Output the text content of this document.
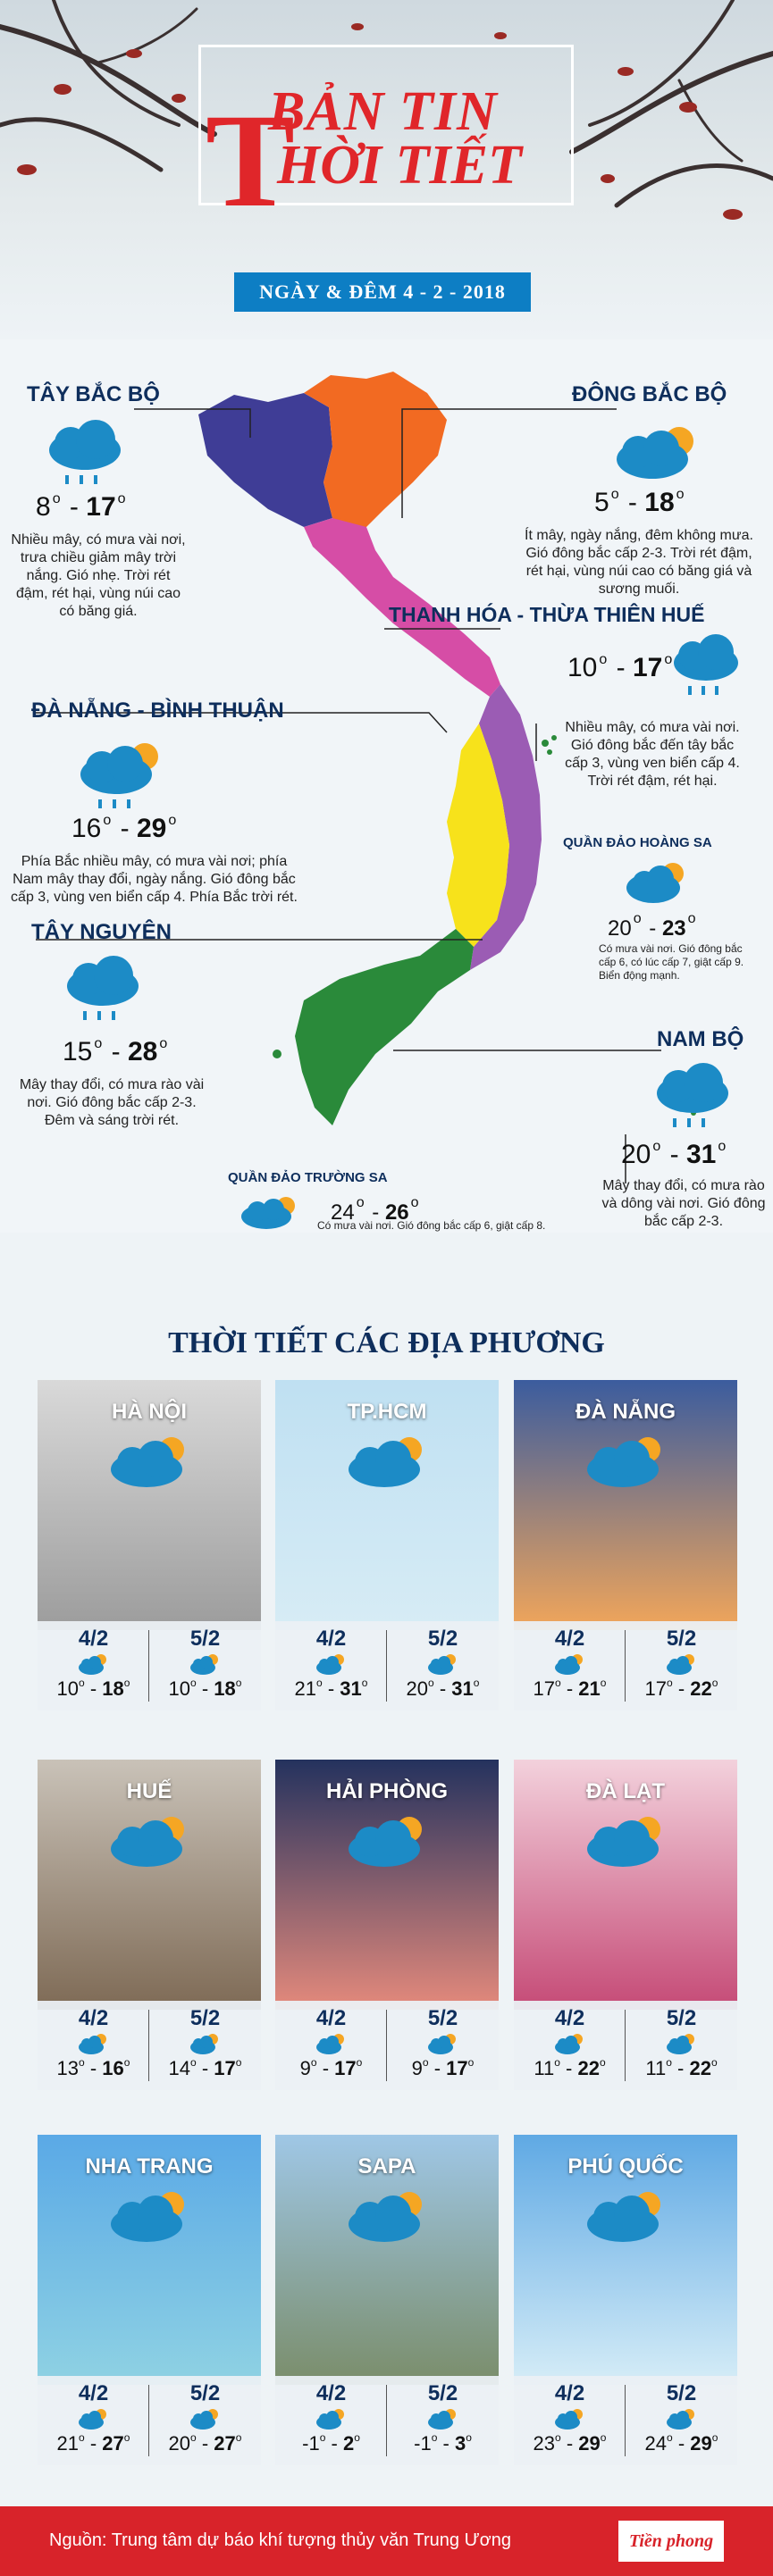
T
BẢN TIN
HỜI TIẾT
NGÀY & ĐÊM 4 - 2 - 2018
TÂY BẮC BỘ
8 $^o$ - 17 $^o$
Nhiều mây, có mưa vài nơi, trưa chiều giảm mây trời nắng. Gió nhẹ. Trời rét đậm, rét hại, vùng núi cao có băng giá.
ĐÔNG BẮC BỘ
5 $^o$ - 18 $^o$
Ít mây, ngày nắng, đêm không mưa. Gió đông bắc cấp 2-3. Trời rét đậm, rét hại, vùng núi cao có băng giá và sương muối.
THANH HÓA - THỪA THIÊN HUẾ
10 $^o$ - 17 $^o$
Nhiều mây, có mưa vài nơi. Gió đông bắc đến tây bắc cấp 3, vùng ven biển cấp 4. Trời rét đậm, rét hại.
ĐÀ NẴNG - BÌNH THUẬN
16 $^o$ - 29 $^o$
Phía Bắc nhiều mây, có mưa vài nơi; phía Nam mây thay đổi, ngày nắng. Gió đông bắc cấp 3, vùng ven biển cấp 4. Phía Bắc trời rét.
QUẦN ĐẢO HOÀNG SA
20 $^o$ - 23 $^o$
Có mưa vài nơi. Gió đông bắc cấp 6, có lúc cấp 7, giật cấp 9. Biển động mạnh.
TÂY NGUYÊN
15 $^o$ - 28 $^o$
Mây thay đổi, có mưa rào vài nơi. Gió đông bắc cấp 2-3. Đêm và sáng trời rét.
NAM BỘ
20 $^o$ - 31 $^o$
Mây thay đổi, có mưa rào và dông vài nơi. Gió đông bắc cấp 2-3.
QUẦN ĐẢO TRƯỜNG SA
24 $^o$ - 26 $^o$
Có mưa vài nơi. Gió đông bắc cấp 6, giật cấp 8.
THỜI TIẾT CÁC ĐỊA PHƯƠNG
HÀ NỘI
4/2	5/2
10$^o$ - 18$^o$	10$^o$ - 18$^o$
TP.HCM
4/2	5/2
21$^o$ - 31$^o$	20$^o$ - 31$^o$
ĐÀ NẴNG
4/2	5/2
17$^o$ - 21$^o$	17$^o$ - 22$^o$
HUẾ
4/2	5/2
13$^o$ - 16$^o$	14$^o$ - 17$^o$
HẢI PHÒNG
4/2	5/2
9$^o$ - 17$^o$	9$^o$ - 17$^o$
ĐÀ LẠT
4/2	5/2
11$^o$ - 22$^o$	11$^o$ - 22$^o$
NHA TRANG
4/2	5/2
21$^o$ - 27$^o$	20$^o$ - 27$^o$
SAPA
4/2	5/2
-1$^o$ - 2$^o$	-1$^o$ - 3$^o$
PHÚ QUỐC
4/2	5/2
23$^o$ - 29$^o$	24$^o$ - 29$^o$
Nguồn: Trung tâm dự báo khí tượng thủy văn Trung Ương	Tiền phong
